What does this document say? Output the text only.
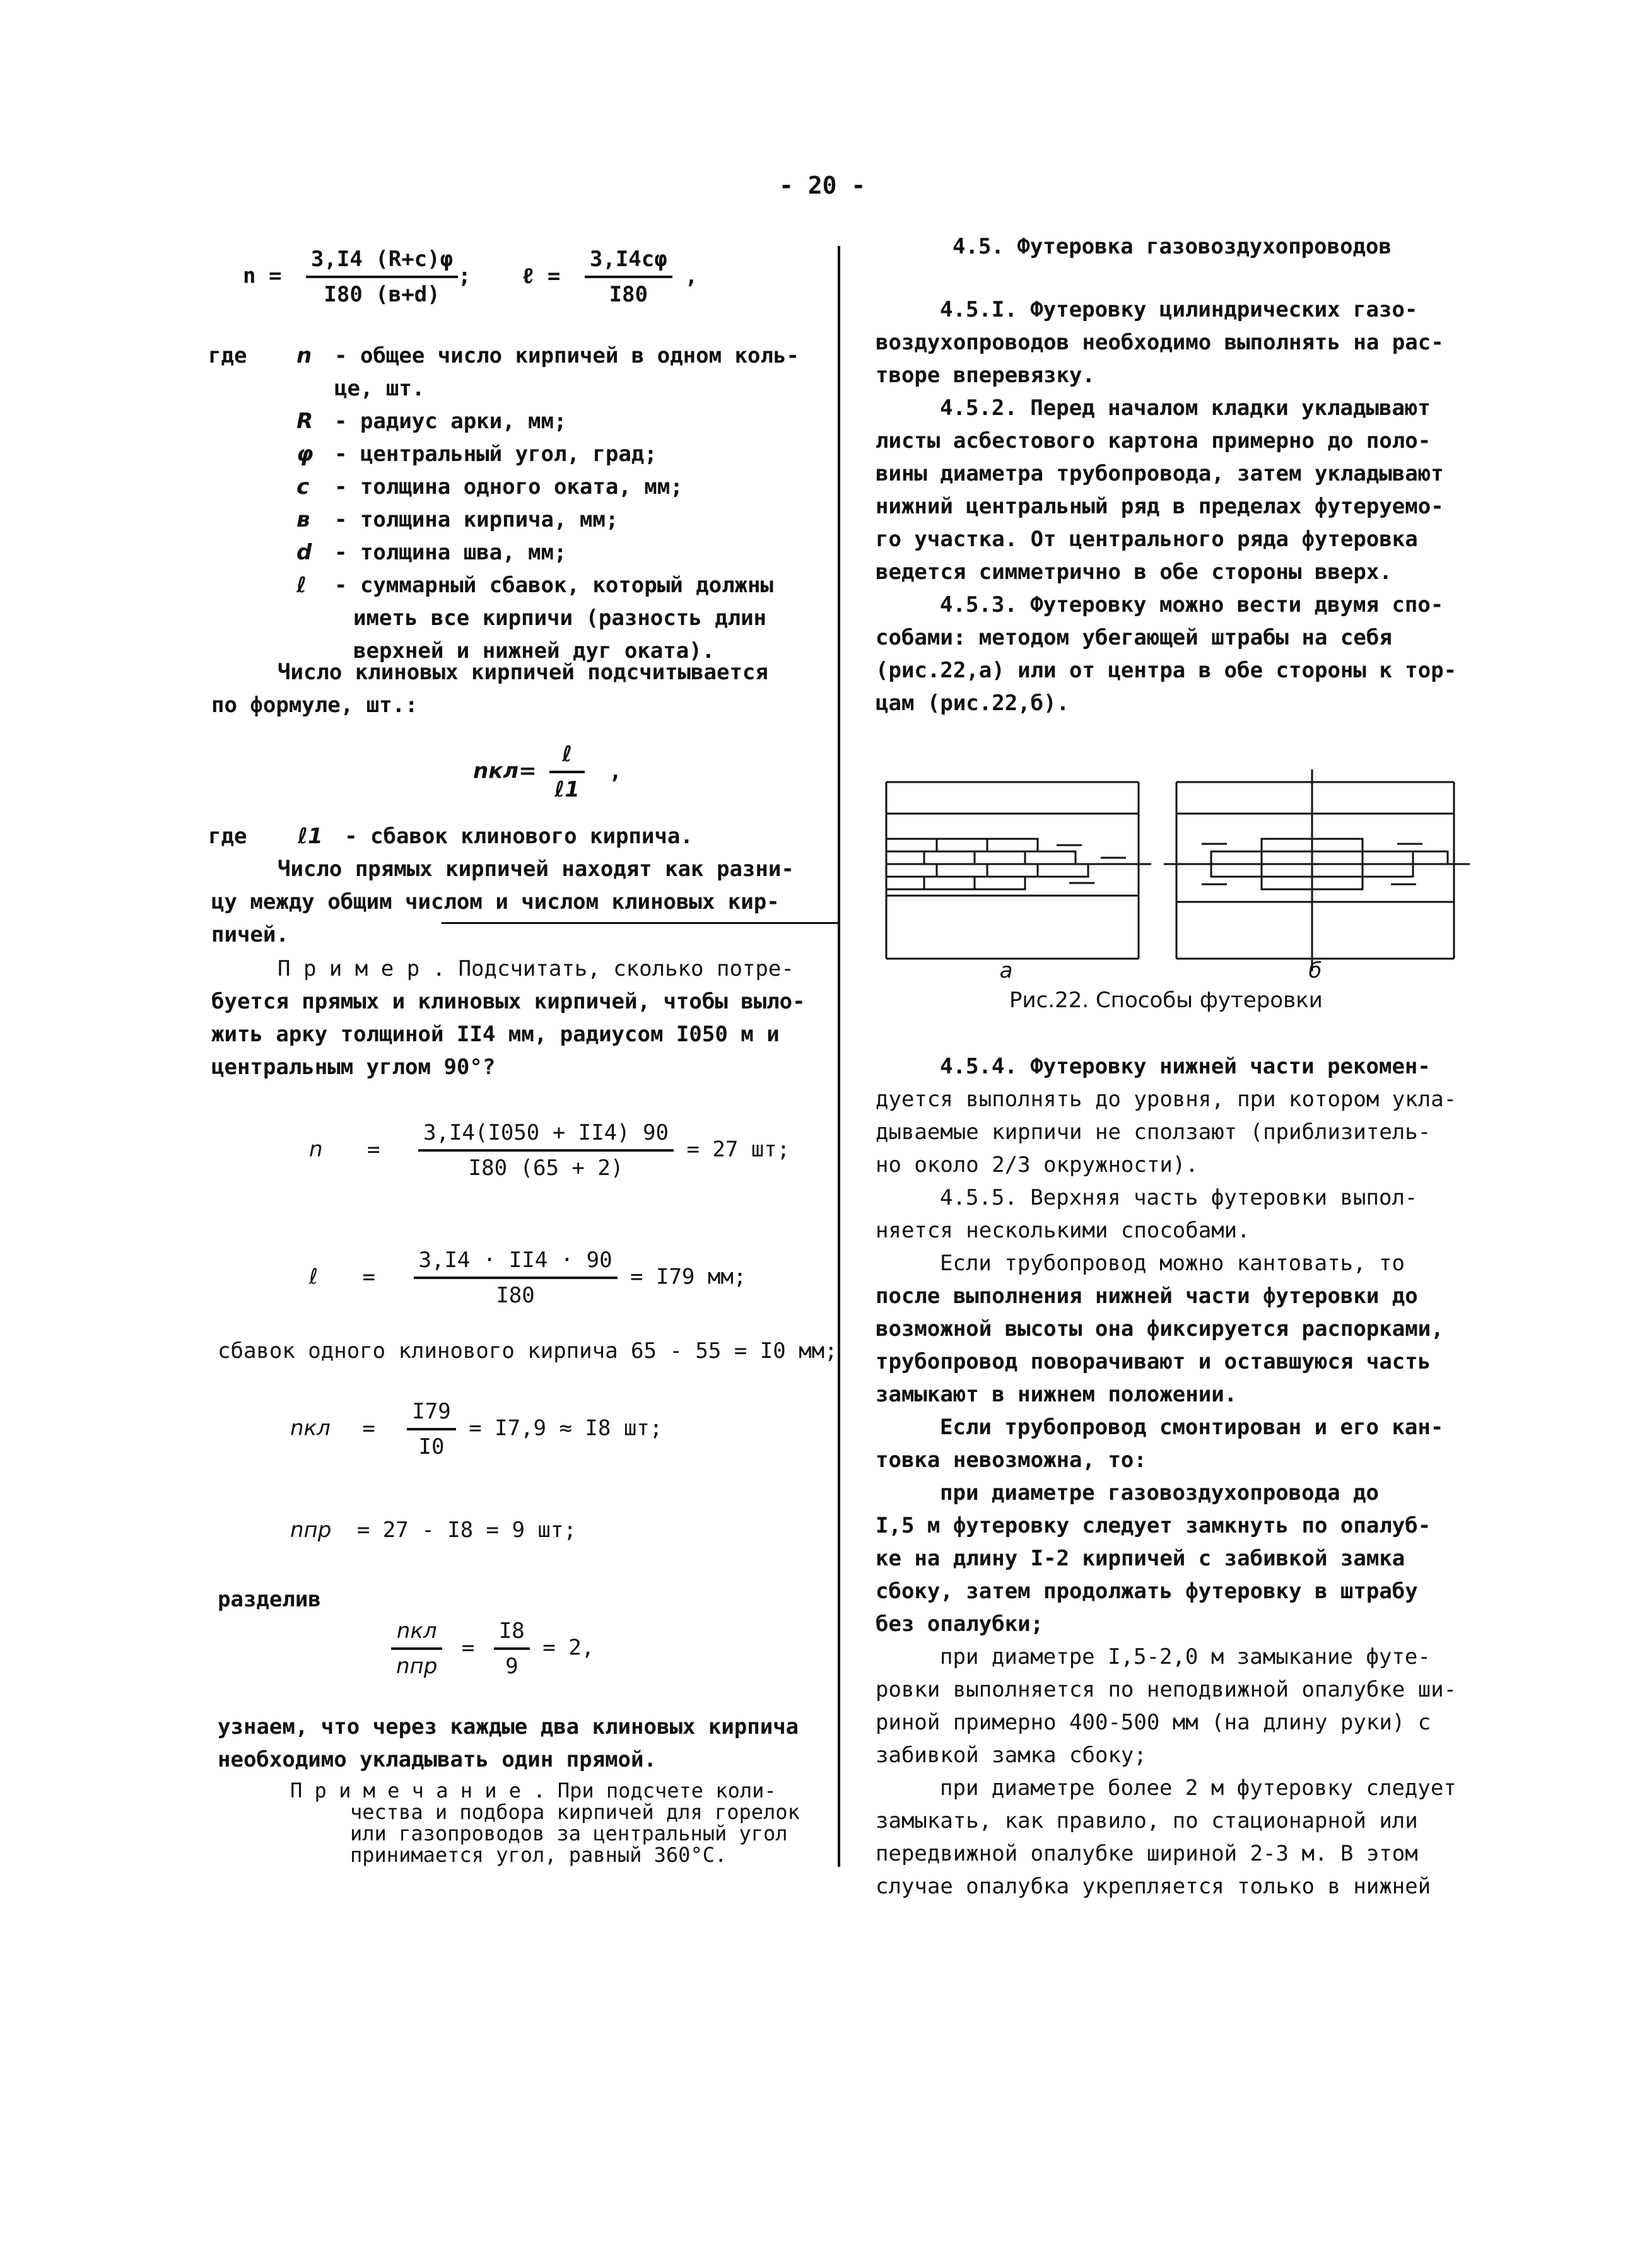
- 20 -
$n = \frac{3,I4 (R+c)\varphi}{I80 (в+d)}$ ; ℓ = $\frac{3,I4c\varphi}{I80}$ ,
где n - общее число кирпичей в одном коль-
це, шт.
R - радиус арки, мм;
φ - центральный угол, град;
c - толщина одного оката, мм;
в - толщина кирпича, мм;
d - толщина шва, мм;
ℓ - суммарный сбавок, который должны
иметь все кирпичи (разность длин
верхней и нижней дуг оката).
Число клиновых кирпичей подсчитывается
по формуле, шт.:
$nкл= \frac{\text{ℓ}}{\text{ℓ1}}$ ,
где ℓ1 - сбавок клинового кирпича.
Число прямых кирпичей находят как разни-
цу между общим числом и числом клиновых кир-
пичей.
П р и м е р . Подсчитать, сколько потре-
буется прямых и клиновых кирпичей, чтобы выло-
жить арку толщиной II4 мм, радиусом I050 м и
центральным углом 90°?
$n = \frac{3,I4(I050 + II4) 90}{I80 (65 + 2)} = 27$ шт;
ℓ = $\frac{3,I4 \cdot II4 \cdot 90}{I80} = I79$ мм;
сбавок одного клинового кирпича 65 - 55 = I0 мм;
nкл = $\frac{I79}{I0} = I7,9 \approx I8$ шт;
nпр = 27 - I8 = 9 шт;
разделив
$\frac{\text{nкл}}{\text{nпр}} = \frac{I8}{9} = 2$,
узнаем, что через каждые два клиновых кирпича
необходимо укладывать один прямой.
П р и м е ч а н и е . При подсчете коли-
чества и подбора кирпичей для горелок
или газопроводов за центральный угол
принимается угол, равный 360°С.
4.5. Футеровка газовоздухопроводов
4.5.I. Футеровку цилиндрических газо-
воздухопроводов необходимо выполнять на рас-
творе вперевязку.
4.5.2. Перед началом кладки укладывают
листы асбестового картона примерно до поло-
вины диаметра трубопровода, затем укладывают
нижний центральный ряд в пределах футеруемо-
го участка. От центрального ряда футеровка
ведется симметрично в обе стороны вверх.
4.5.3. Футеровку можно вести двумя спо-
собами: методом убегающей штрабы на себя
(рис.22,а) или от центра в обе стороны к тор-
цам (рис.22,б).
а	б
Рис.22. Способы футеровки
4.5.4. Футеровку нижней части рекомен-
дуется выполнять до уровня, при котором укла-
дываемые кирпичи не сползают (приблизитель-
но около 2/3 окружности).
4.5.5. Верхняя часть футеровки выпол-
няется несколькими способами.
Если трубопровод можно кантовать, то
после выполнения нижней части футеровки до
возможной высоты она фиксируется распорками,
трубопровод поворачивают и оставшуюся часть
замыкают в нижнем положении.
Если трубопровод смонтирован и его кан-
товка невозможна, то:
при диаметре газовоздухопровода до
I,5 м футеровку следует замкнуть по опалуб-
ке на длину I-2 кирпичей с забивкой замка
сбоку, затем продолжать футеровку в штрабу
без опалубки;
при диаметре I,5-2,0 м замыкание футе-
ровки выполняется по неподвижной опалубке ши-
риной примерно 400-500 мм (на длину руки) с
забивкой замка сбоку;
при диаметре более 2 м футеровку следует
замыкать, как правило, по стационарной или
передвижной опалубке шириной 2-3 м. В этом
случае опалубка укрепляется только в нижней
